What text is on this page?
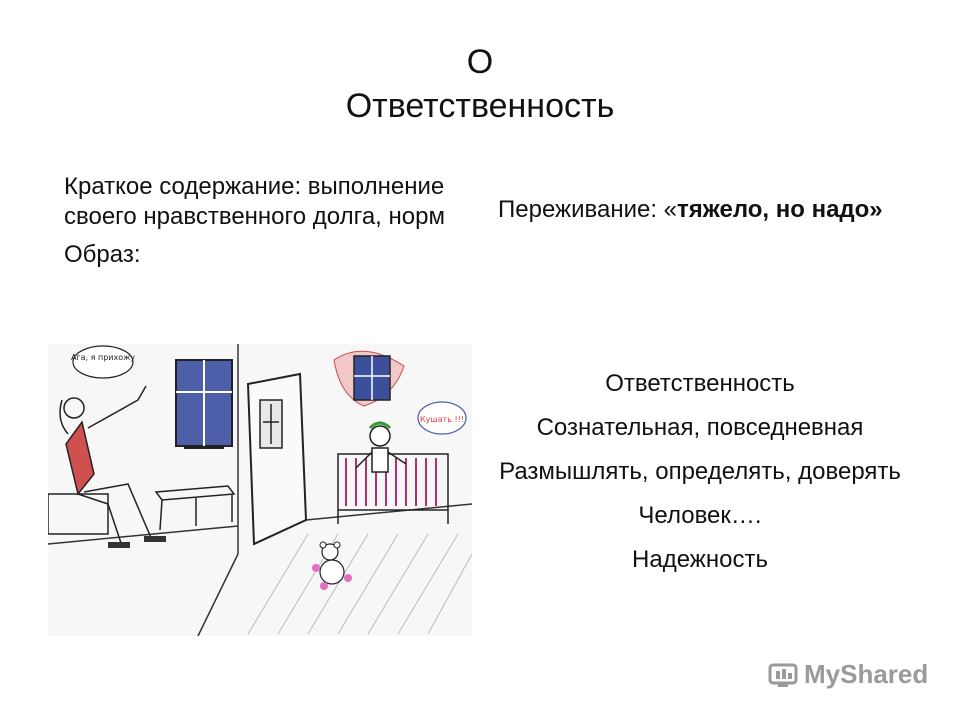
О
Ответственность

Краткое содержание: выполнение своего нравственного долга, норм

Образ:

Переживание: «тяжело, но надо»

Ответственность

Сознательная, повседневная

Размышлять, определять, доверять

Человек….

Надежность

Ага, я прихожу
Кушать !!!
MyShared
